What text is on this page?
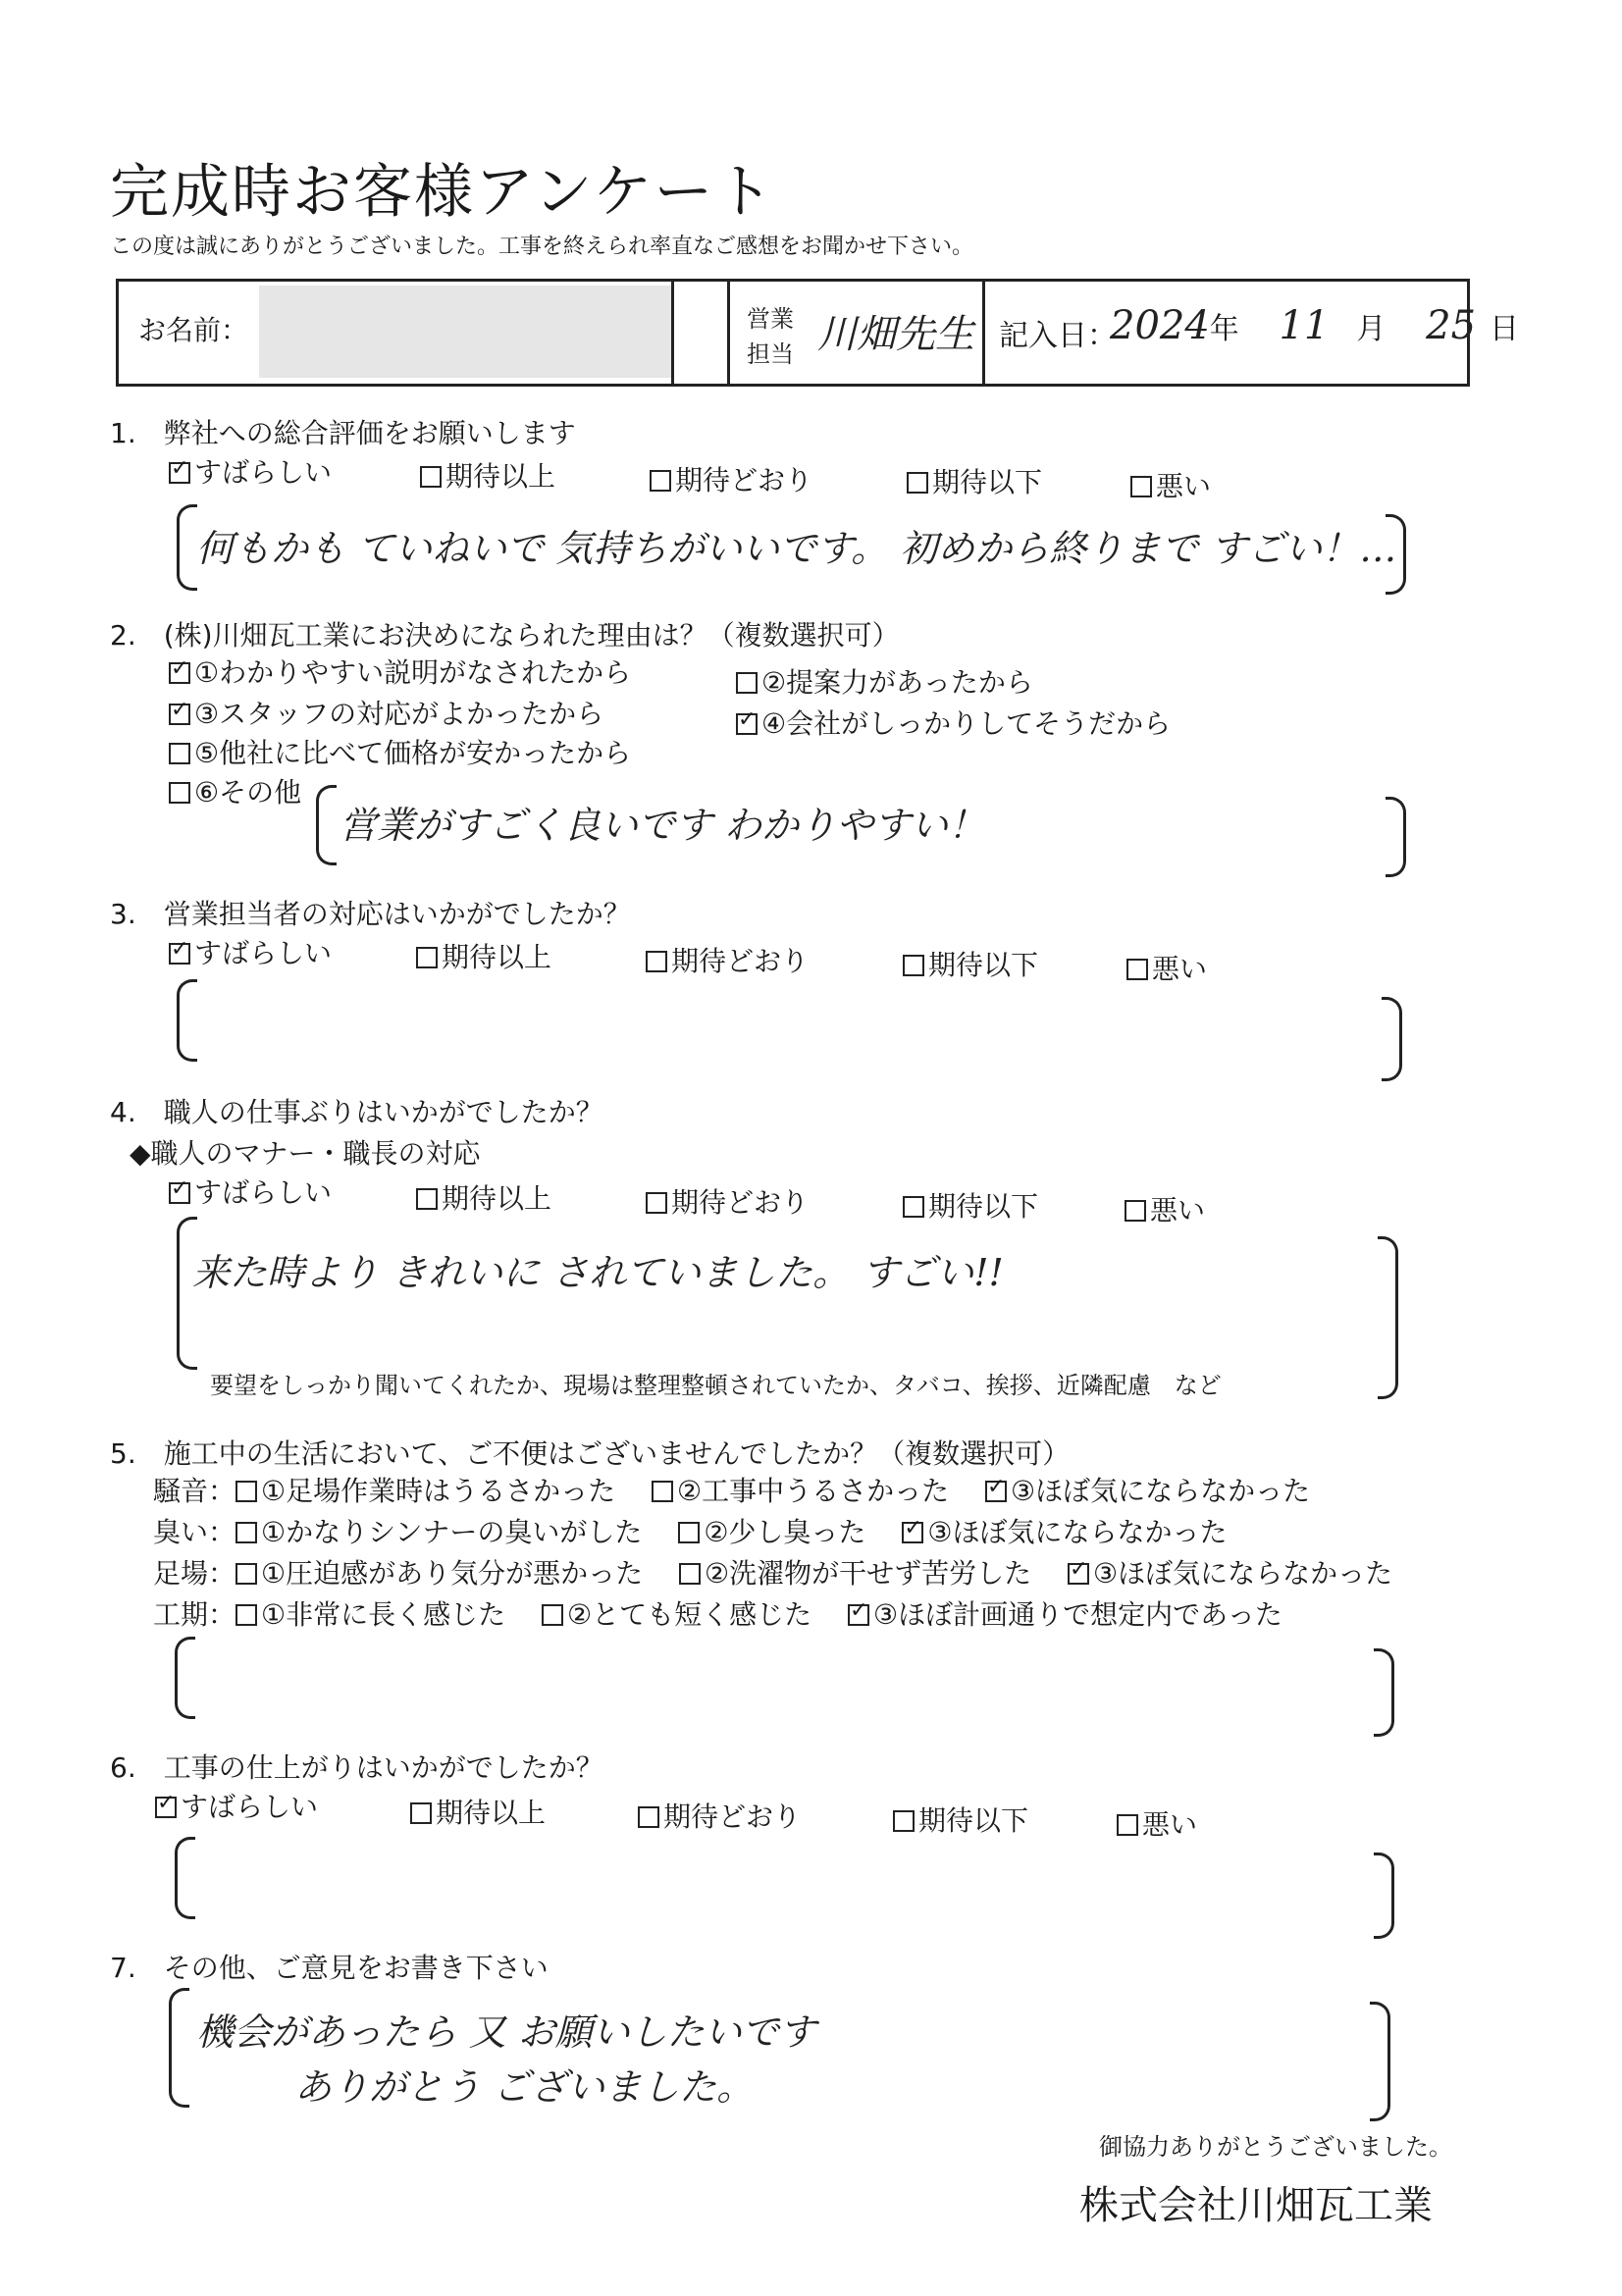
完成時お客様アンケート
この度は誠にありがとうございました。工事を終えられ率直なご感想をお聞かせ下さい。
お名前：	営業
担当 川畑先生 記入日：
2024年 11 月 25 日
1.　弊社への総合評価をお願いします
✓すばらしい	期待以上	期待どおり	期待以下	悪い
何もかも ていねいで 気持ちがいいです。 初めから終りまで すごい！…
2.　(株)川畑瓦工業にお決めになられた理由は？（複数選択可）
✓①わかりやすい説明がなされたから	②提案力があったから
✓③スタッフの対応がよかったから ✓	④会社がしっかりしてそうだから
⑤他社に比べて価格が安かったから
⑥その他
営業がすごく良いです わかりやすい！
3.　営業担当者の対応はいかがでしたか？
✓すばらしい	期待以上	期待どおり	期待以下	悪い
4.　職人の仕事ぶりはいかがでしたか？
◆職人のマナー・職長の対応
✓すばらしい	期待以上	期待どおり	期待以下	悪い
来た時より きれいに されていました。 すごい!!
要望をしっかり聞いてくれたか、現場は整理整頓されていたか、タバコ、挨拶、近隣配慮　など
5.　施工中の生活において、ご不便はございませんでしたか？（複数選択可）
騒音： ①足場作業時はうるさかった ②工事中うるさかった ✓ ③ほぼ気にならなかった
臭い： ①かなりシンナーの臭いがした ②少し臭った ✓ ③ほぼ気にならなかった
足場： ①圧迫感があり気分が悪かった ②洗濯物が干せず苦労した ✓ ③ほぼ気にならなかった
工期： ①非常に長く感じた ②とても短く感じた ✓ ③ほぼ計画通りで想定内であった
6.　工事の仕上がりはいかがでしたか？
✓すばらしい	期待以上	期待どおり	期待以下	悪い
7.　その他、ご意見をお書き下さい
機会があったら 又 お願いしたいです
ありがとう ございました。
御協力ありがとうございました。
株式会社川畑瓦工業
